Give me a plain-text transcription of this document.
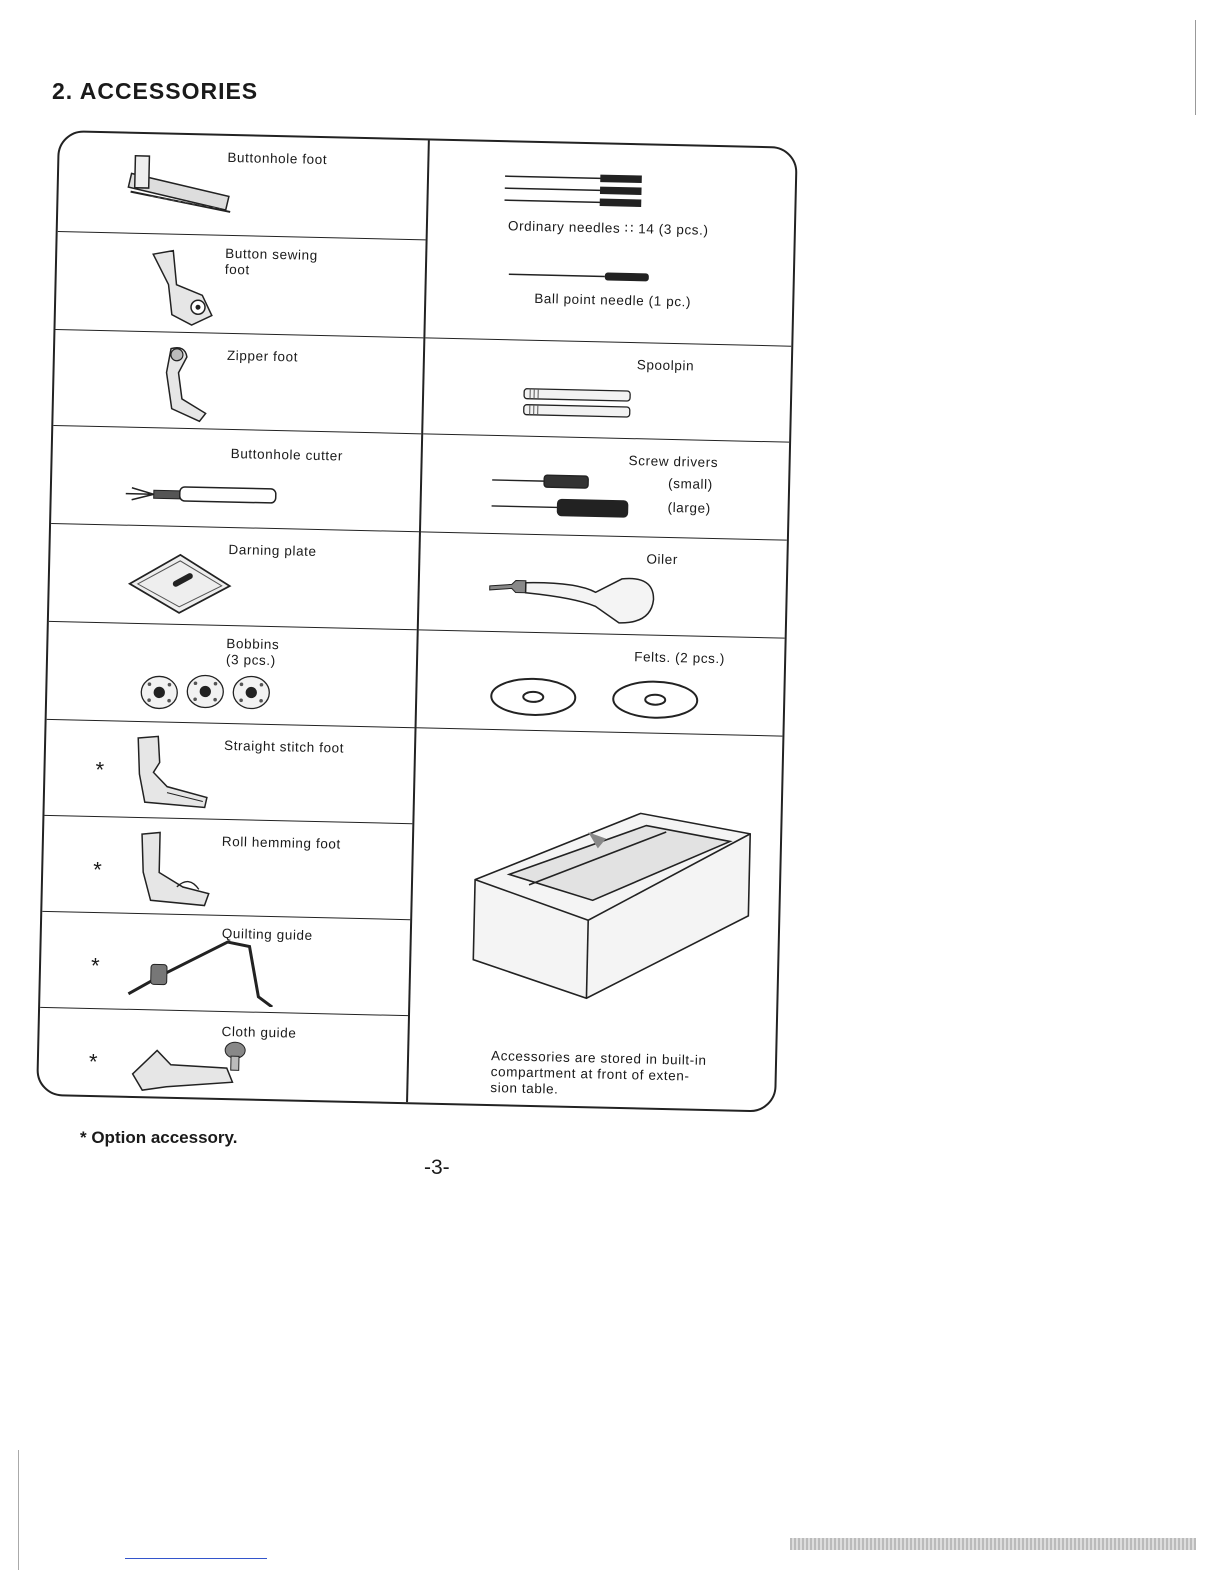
2. ACCESSORIES
Buttonhole foot
Button sewing
foot
Zipper foot
Buttonhole cutter
Darning plate
Bobbins
(3 pcs.)
*
Straight stitch foot
*
Roll hemming foot
*
Quilting guide
*
Cloth guide
Ordinary needles ∷ 14 (3 pcs.)
Ball point needle (1 pc.)
Spoolpin
Screw drivers
(small)
(large)
Oiler
Felts. (2 pcs.)
Accessories are stored in built-in
compartment at front of exten-
sion table.
* Option accessory.
-3-
